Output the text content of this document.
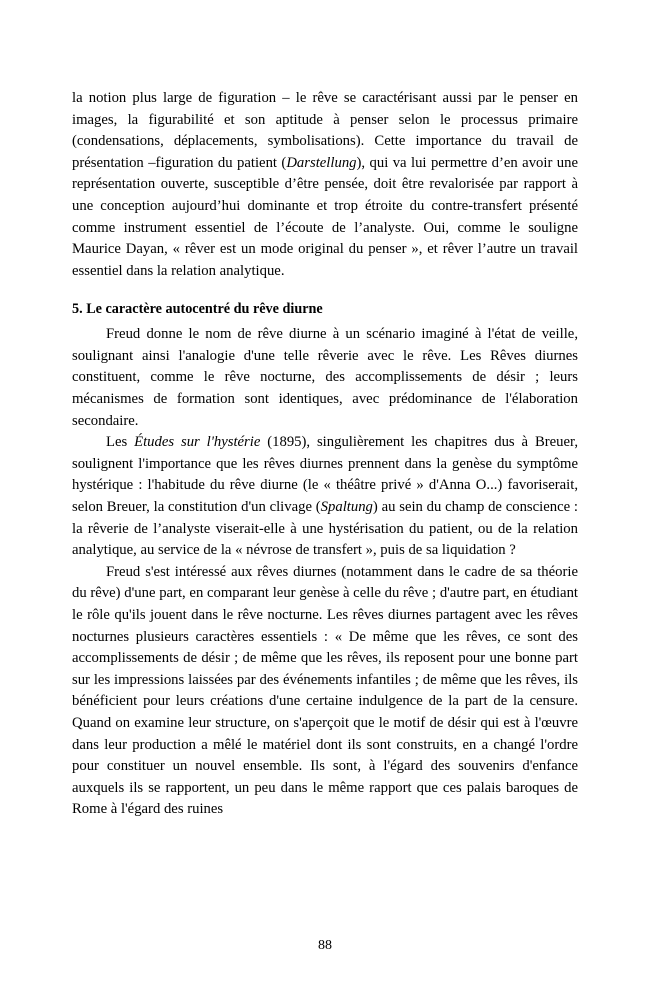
la notion plus large de figuration – le rêve se caractérisant aussi par le penser en images, la figurabilité et son aptitude à penser selon le processus primaire (condensations, déplacements, symbolisations). Cette importance du travail de présentation –figuration du patient (Darstellung), qui va lui permettre d’en avoir une représentation ouverte, susceptible d’être pensée, doit être revalorisée par rapport à une conception aujourd’hui dominante et trop étroite du contre-transfert présenté comme instrument essentiel de l’écoute de l’analyste. Oui, comme le souligne Maurice Dayan, « rêver est un mode original du penser », et rêver l’autre un travail essentiel dans la relation analytique.

5. Le caractère autocentré du rêve diurne

Freud donne le nom de rêve diurne à un scénario imaginé à l'état de veille, soulignant ainsi l'analogie d'une telle rêverie avec le rêve. Les Rêves diurnes constituent, comme le rêve nocturne, des accomplissements de désir ; leurs mécanismes de formation sont identiques, avec prédominance de l'élaboration secondaire.

Les Études sur l'hystérie (1895), singulièrement les chapitres dus à Breuer, soulignent l'importance que les rêves diurnes prennent dans la genèse du symptôme hystérique : l'habitude du rêve diurne (le « théâtre privé » d'Anna O...) favoriserait, selon Breuer, la constitution d'un clivage (Spaltung) au sein du champ de conscience : la rêverie de l’analyste viserait-elle à une hystérisation du patient, ou de la relation analytique, au service de la « névrose de transfert », puis de sa liquidation ?

Freud s'est intéressé aux rêves diurnes (notamment dans le cadre de sa théorie du rêve) d'une part, en comparant leur genèse à celle du rêve ; d'autre part, en étudiant le rôle qu'ils jouent dans le rêve nocturne. Les rêves diurnes partagent avec les rêves nocturnes plusieurs caractères essentiels : « De même que les rêves, ce sont des accomplissements de désir ; de même que les rêves, ils reposent pour une bonne part sur les impressions laissées par des événements infantiles ; de même que les rêves, ils bénéficient pour leurs créations d'une certaine indulgence de la part de la censure. Quand on examine leur structure, on s'aperçoit que le motif de désir qui est à l'œuvre dans leur production a mêlé le matériel dont ils sont construits, en a changé l'ordre pour constituer un nouvel ensemble. Ils sont, à l'égard des souvenirs d'enfance auxquels ils se rapportent, un peu dans le même rapport que ces palais baroques de Rome à l'égard des ruines

88
